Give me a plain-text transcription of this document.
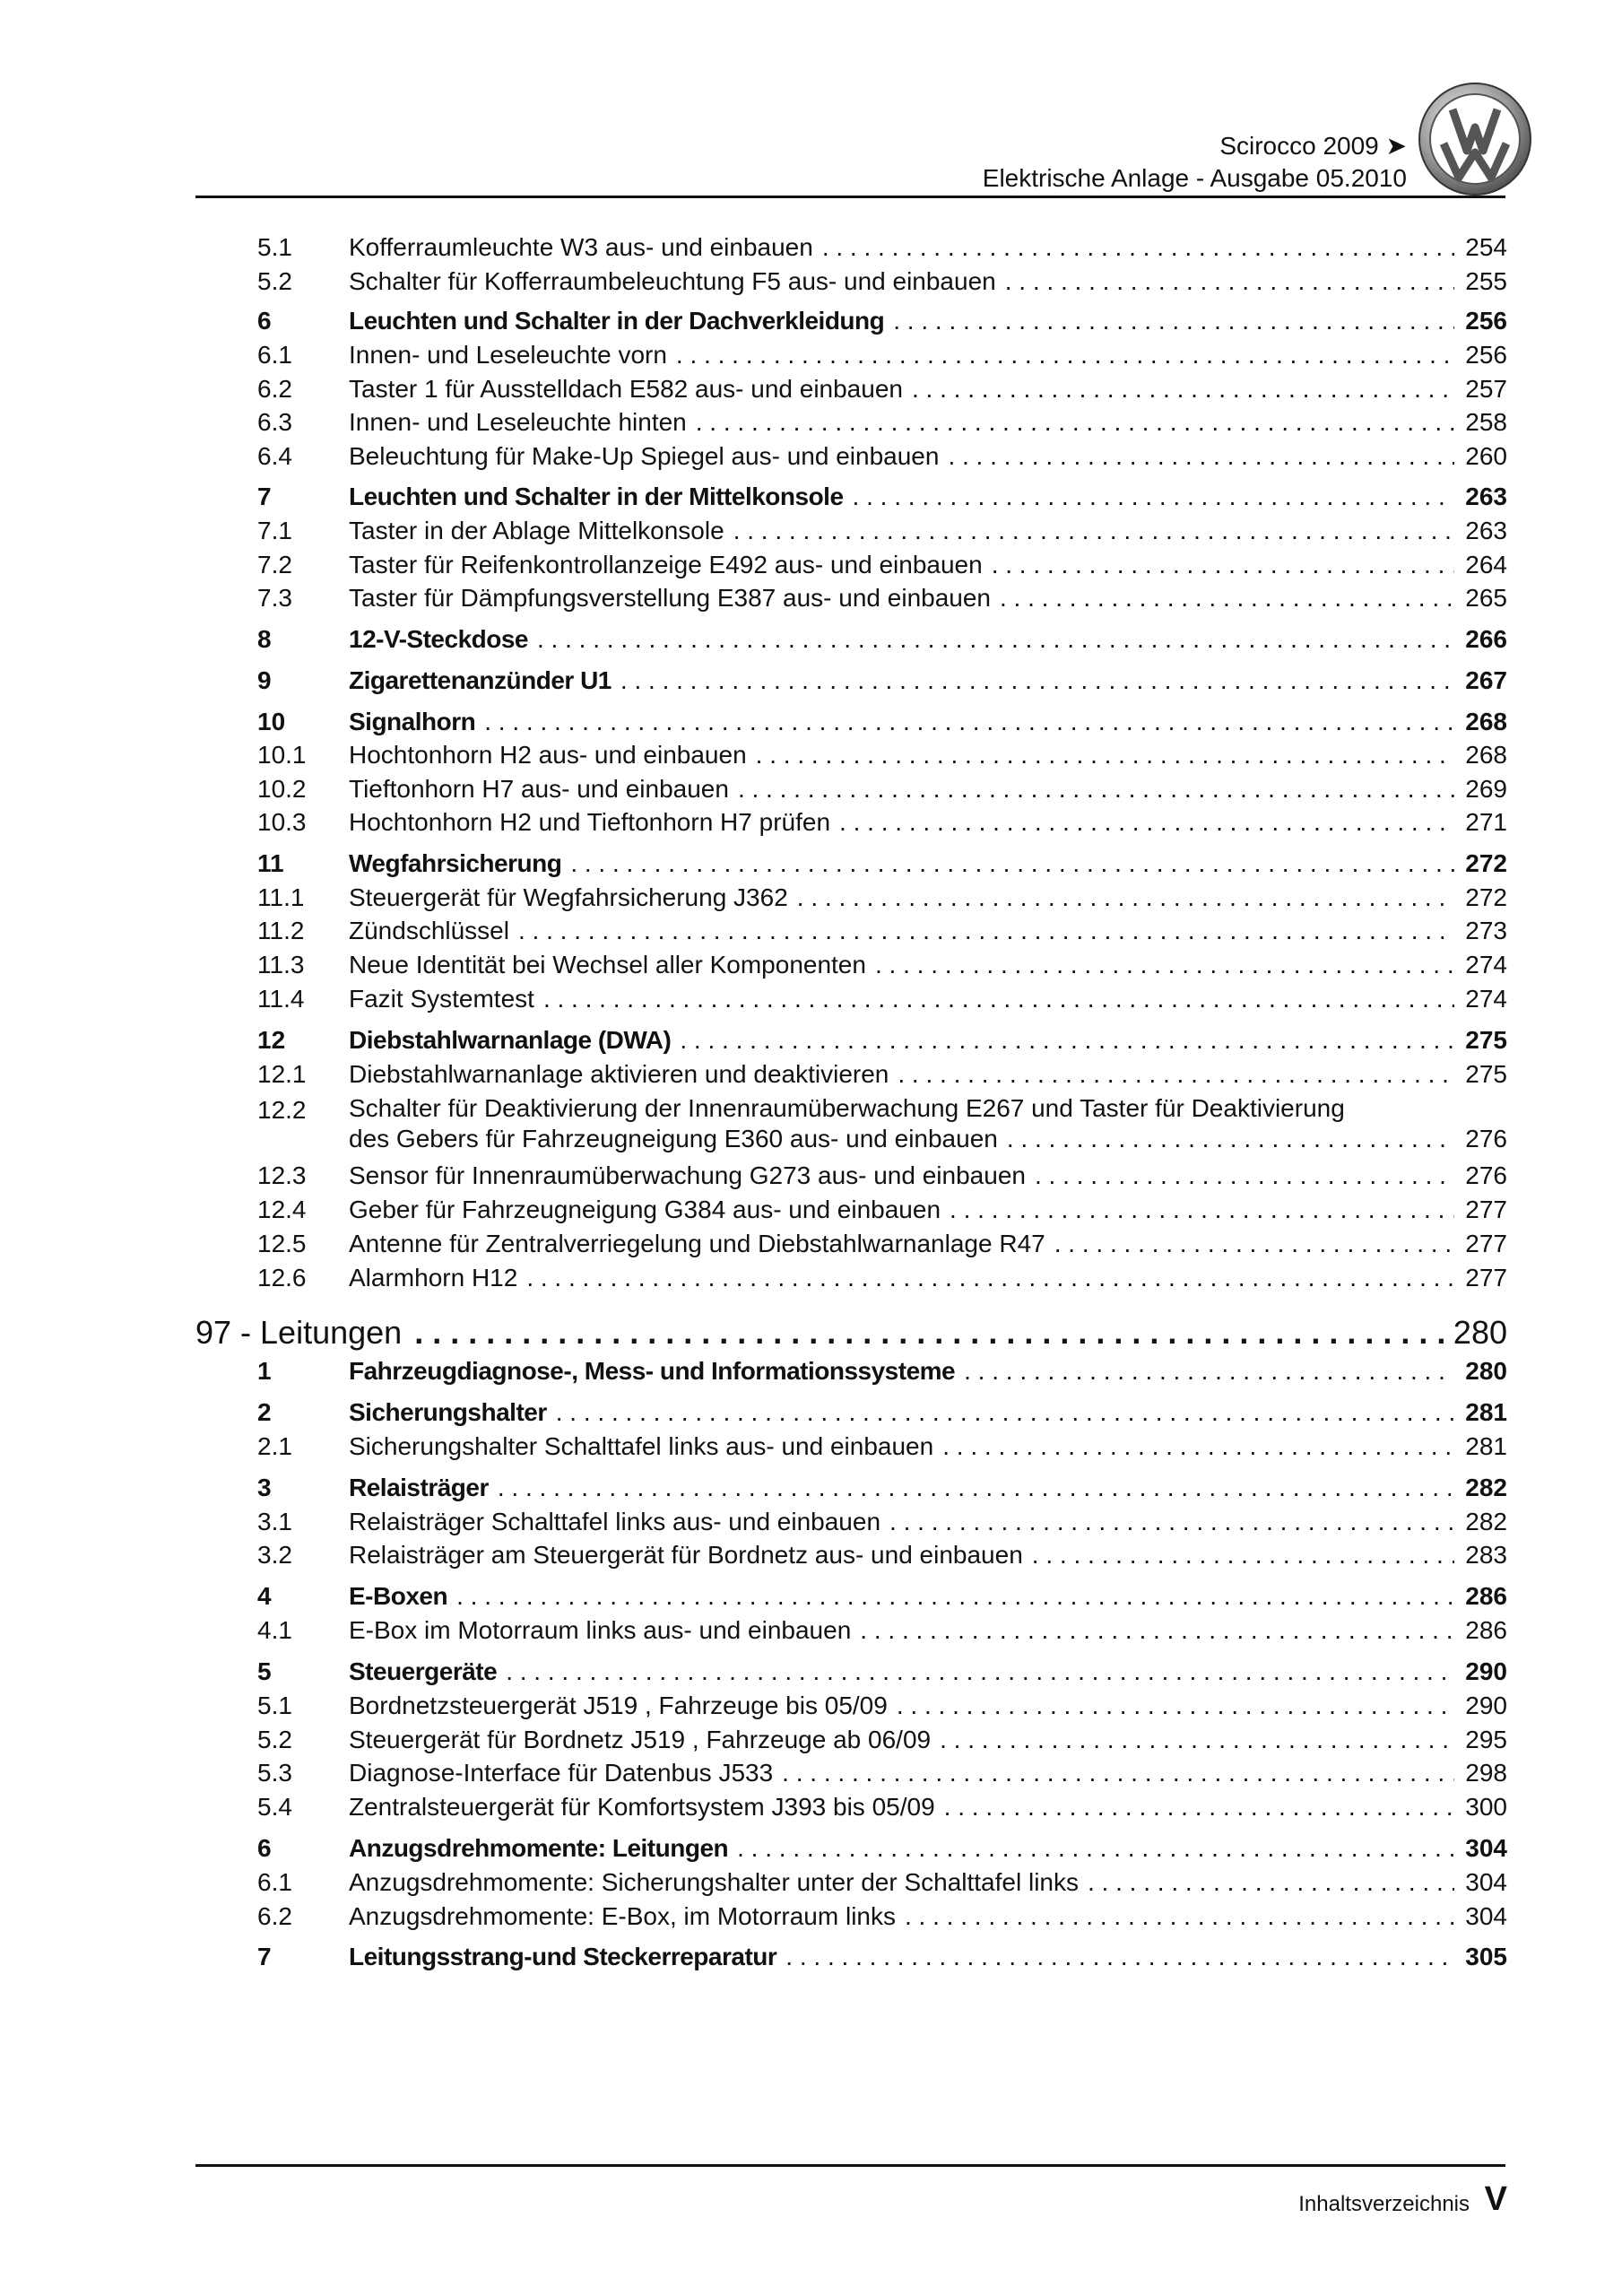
Scirocco 2009 ➤
Elektrische Anlage - Ausgabe 05.2010
5.1 Kofferraumleuchte W3 aus- und einbauen . . .	254
5.2 Schalter für Kofferraumbeleuchtung F5 aus- und einbauen . . .	255
6	Leuchten und Schalter in der Dachverkleidung . . .	256
6.1 Innen- und Leseleuchte vorn . . .	256
6.2 Taster 1 für Ausstelldach E582 aus- und einbauen . . .	257
6.3 Innen- und Leseleuchte hinten . . .	258
6.4 Beleuchtung für Make-Up Spiegel aus- und einbauen . . .	260
7	Leuchten und Schalter in der Mittelkonsole . . .	263
7.1 Taster in der Ablage Mittelkonsole . . .	263
7.2 Taster für Reifenkontrollanzeige E492 aus- und einbauen . . .	264
7.3 Taster für Dämpfungsverstellung E387 aus- und einbauen . . .	265
8	12-V-Steckdose . . .	266
9	Zigarettenanzünder U1 . . .	267
10	Signalhorn . . .	268
10.1 Hochtonhorn H2 aus- und einbauen . . .	268
10.2 Tieftonhorn H7 aus- und einbauen . . .	269
10.3 Hochtonhorn H2 und Tieftonhorn H7 prüfen . . .	271
11	Wegfahrsicherung . . .	272
11.1 Steuergerät für Wegfahrsicherung J362 . . .	272
11.2 Zündschlüssel . . .	273
11.3 Neue Identität bei Wechsel aller Komponenten . . .	274
11.4 Fazit Systemtest . . .	274
12	Diebstahlwarnanlage (DWA) . . .	275
12.1 Diebstahlwarnanlage aktivieren und deaktivieren . . .	275
12.2 Schalter für Deaktivierung der Innenraumüberwachung E267 und Taster für Deaktivierung
des Gebers für Fahrzeugneigung E360 aus- und einbauen . . .	276
12.3 Sensor für Innenraumüberwachung G273 aus- und einbauen . . .	276
12.4 Geber für Fahrzeugneigung G384 aus- und einbauen . . .	277
12.5 Antenne für Zentralverriegelung und Diebstahlwarnanlage R47 . . .	277
12.6 Alarmhorn H12 . . .	277
97 - Leitungen . . .	280
1	Fahrzeugdiagnose-, Mess- und Informationssysteme . . .	280
2	Sicherungshalter . . .	281
2.1 Sicherungshalter Schalttafel links aus- und einbauen . . .	281
3	Relaisträger . . .	282
3.1 Relaisträger Schalttafel links aus- und einbauen . . .	282
3.2 Relaisträger am Steuergerät für Bordnetz aus- und einbauen . . .	283
4	E-Boxen . . .	286
4.1 E-Box im Motorraum links aus- und einbauen . . .	286
5	Steuergeräte . . .	290
5.1 Bordnetzsteuergerät J519 , Fahrzeuge bis 05/09 . . .	290
5.2 Steuergerät für Bordnetz J519 , Fahrzeuge ab 06/09 . . .	295
5.3 Diagnose-Interface für Datenbus J533 . . .	298
5.4 Zentralsteuergerät für Komfortsystem J393 bis 05/09 . . .	300
6	Anzugsdrehmomente: Leitungen . . .	304
6.1 Anzugsdrehmomente: Sicherungshalter unter der Schalttafel links . . .	304
6.2 Anzugsdrehmomente: E-Box, im Motorraum links . . .	304
7	Leitungsstrang-und Steckerreparatur . . .	305
Inhaltsverzeichnis V
